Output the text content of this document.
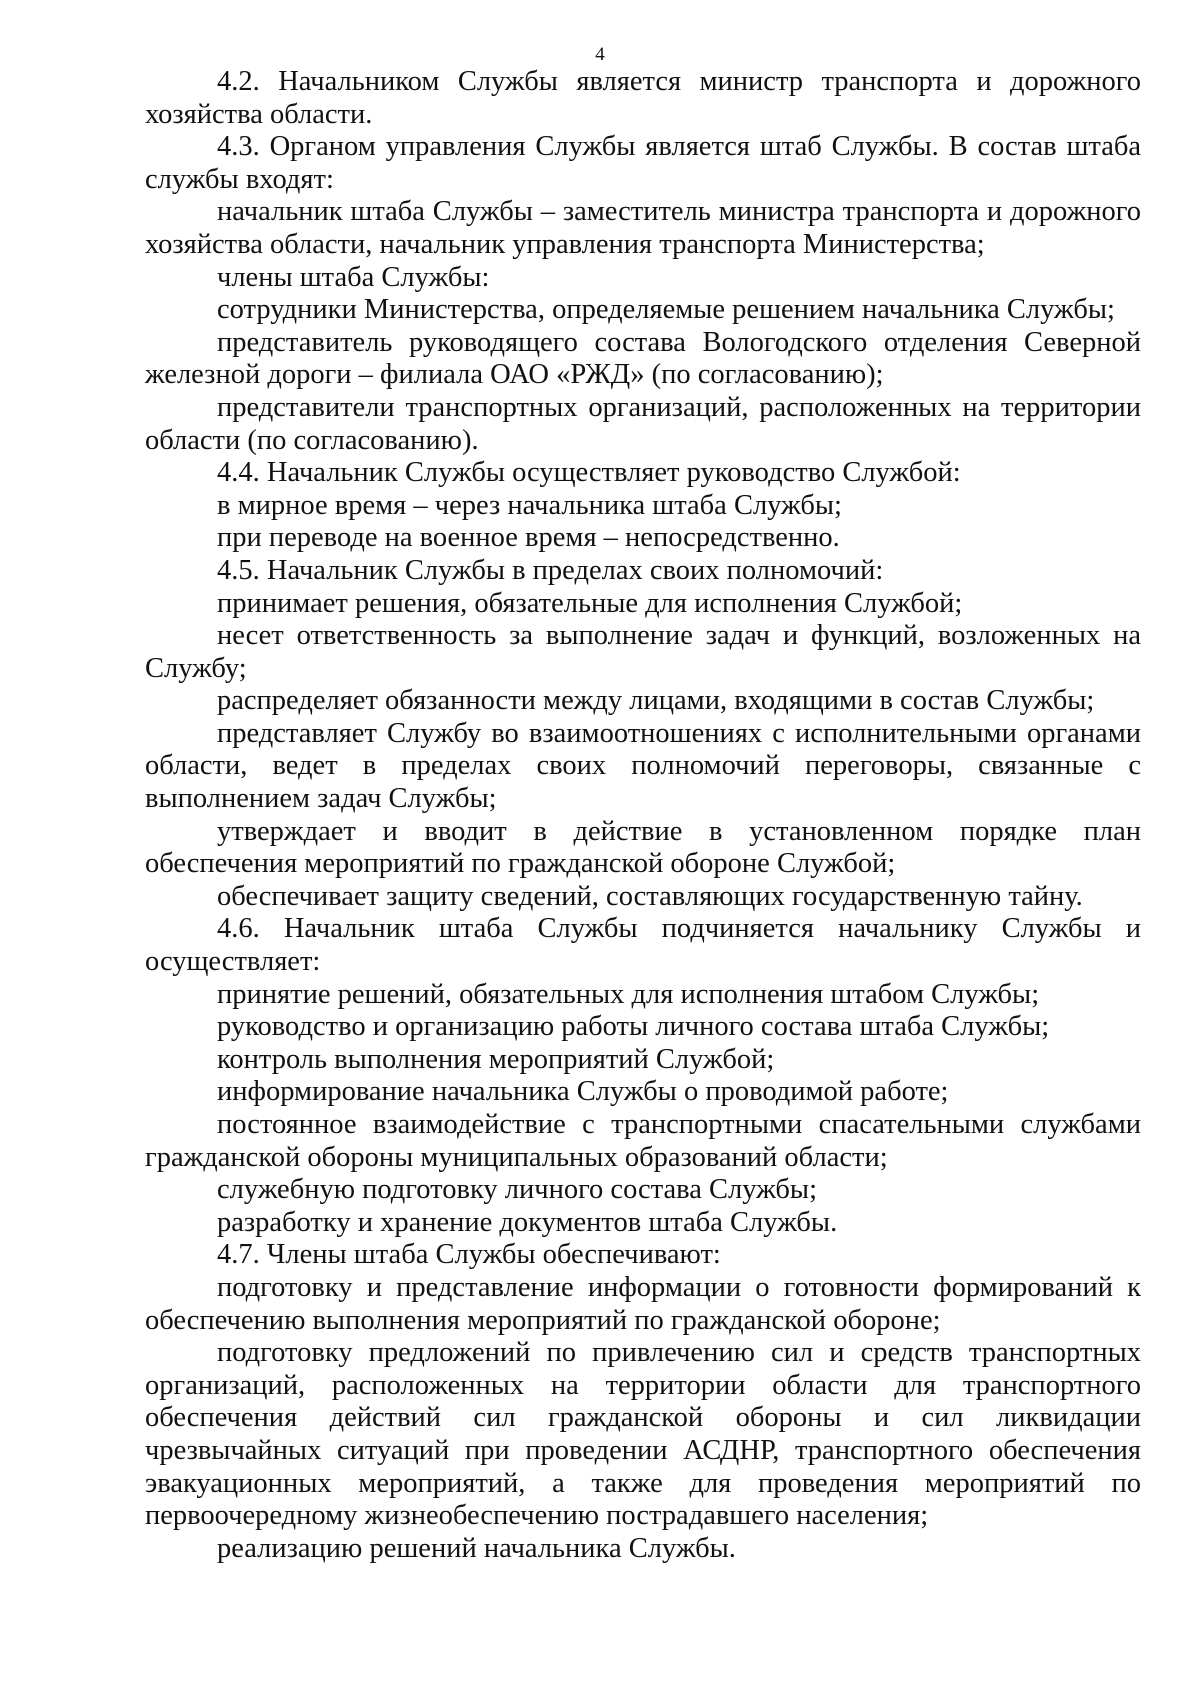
4

4.2. Начальником Службы является министр транспорта и дорожного хозяйства области.

4.3. Органом управления Службы является штаб Службы. В состав штаба службы входят:

начальник штаба Службы – заместитель министра транспорта и дорожного хозяйства области, начальник управления транспорта Министерства;

члены штаба Службы:

сотрудники Министерства, определяемые решением начальника Службы;

представитель руководящего состава Вологодского отделения Северной железной дороги – филиала ОАО «РЖД» (по согласованию);

представители транспортных организаций, расположенных на территории области (по согласованию).

4.4. Начальник Службы осуществляет руководство Службой:

в мирное время – через начальника штаба Службы;

при переводе на военное время – непосредственно.

4.5. Начальник Службы в пределах своих полномочий:

принимает решения, обязательные для исполнения Службой;

несет ответственность за выполнение задач и функций, возложенных на Службу;

распределяет обязанности между лицами, входящими в состав Службы;

представляет Службу во взаимоотношениях с исполнительными органами области, ведет в пределах своих полномочий переговоры, связанные с выполнением задач Службы;

утверждает и вводит в действие в установленном порядке план обеспечения мероприятий по гражданской обороне Службой;

обеспечивает защиту сведений, составляющих государственную тайну.

4.6. Начальник штаба Службы подчиняется начальнику Службы и осуществляет:

принятие решений, обязательных для исполнения штабом Службы;

руководство и организацию работы личного состава штаба Службы;

контроль выполнения мероприятий Службой;

информирование начальника Службы о проводимой работе;

постоянное взаимодействие с транспортными спасательными службами гражданской обороны муниципальных образований области;

служебную подготовку личного состава Службы;

разработку и хранение документов штаба Службы.

4.7. Члены штаба Службы обеспечивают:

подготовку и представление информации о готовности формирований к обеспечению выполнения мероприятий по гражданской обороне;

подготовку предложений по привлечению сил и средств транспортных организаций, расположенных на территории области для транспортного обеспечения действий сил гражданской обороны и сил ликвидации чрезвычайных ситуаций при проведении АСДНР, транспортного обеспечения эвакуационных мероприятий, а также для проведения мероприятий по первоочередному жизнеобеспечению пострадавшего населения;

реализацию решений начальника Службы.
